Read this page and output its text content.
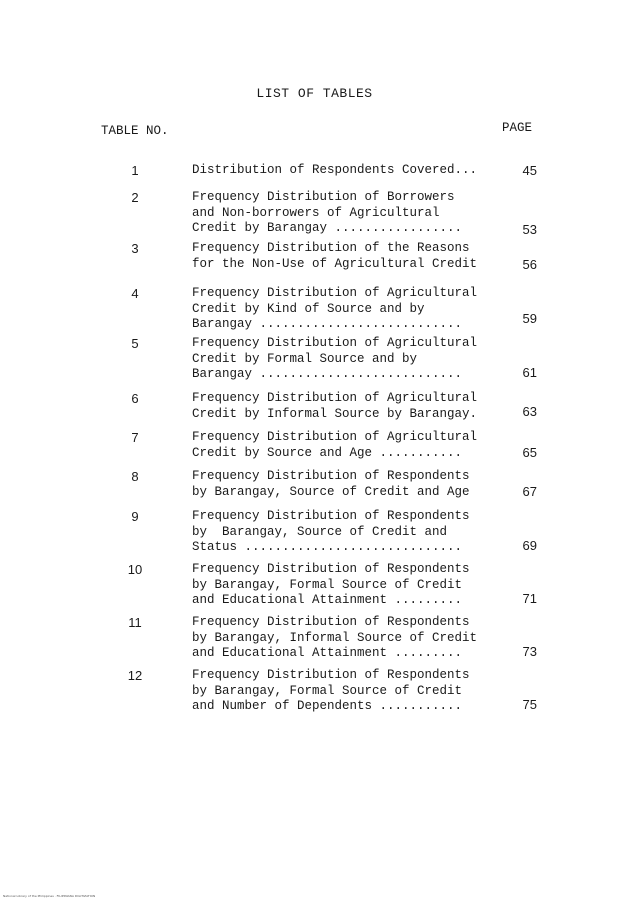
LIST OF TABLES
TABLE NO.	PAGE
1	Distribution of Respondents Covered...	45
2	Frequency Distribution of Borrowers
and Non-borrowers of Agricultural
Credit by Barangay .................	53
3	Frequency Distribution of the Reasons
for the Non-Use of Agricultural Credit	56
4	Frequency Distribution of Agricultural
Credit by Kind of Source and by
Barangay ...........................	59
5	Frequency Distribution of Agricultural
Credit by Formal Source and by
Barangay ...........................	61
6	Frequency Distribution of Agricultural
Credit by Informal Source by Barangay.	63
7	Frequency Distribution of Agricultural
Credit by Source and Age ...........	65
8	Frequency Distribution of Respondents
by Barangay, Source of Credit and Age	67
9	Frequency Distribution of Respondents
by  Barangay, Source of Credit and
Status .............................	69
10	Frequency Distribution of Respondents
by Barangay, Formal Source of Credit
and Educational Attainment .........	71
11	Frequency Distribution of Respondents
by Barangay, Informal Source of Credit
and Educational Attainment .........	73
12	Frequency Distribution of Respondents
by Barangay, Formal Source of Credit
and Number of Dependents ...........	75
National Library of the Philippines · FILIPINIANA DIGITIZATION
